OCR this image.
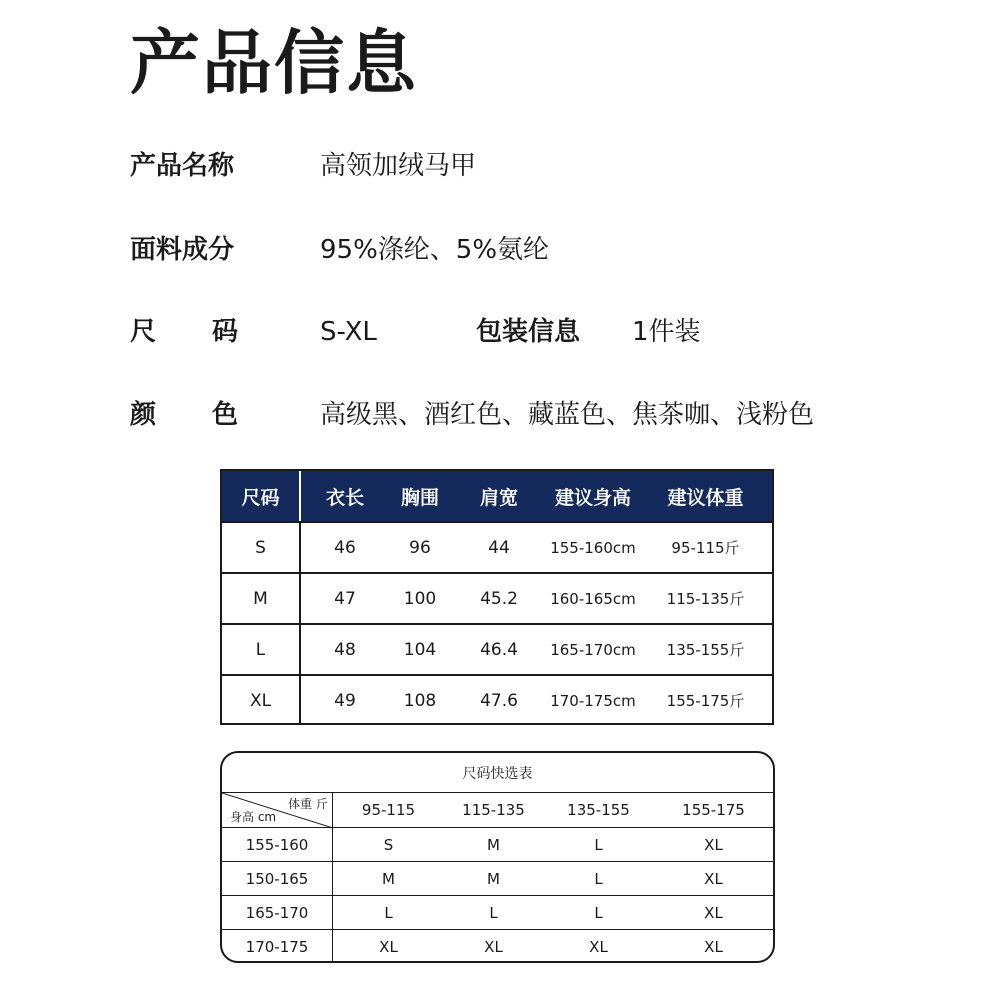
产品信息
产品名称	高领加绒马甲
面料成分	95%涤纶、5%氨纶
尺 码	S-XL	包装信息 1件装
颜 色	高级黑、酒红色、藏蓝色、焦茶咖、浅粉色
尺码	衣长	胸围	肩宽	建议身高	建议体重
S	46	96	44	155-160cm	95-115斤
M	47	100	45.2	160-165cm	115-135斤
L	48	104	46.4	165-170cm	135-155斤
XL	49	108	47.6	170-175cm	155-175斤
尺码快选表
体重 斤
身高 cm	95-115	115-135	135-155	155-175
155-160	S	M	L	XL
150-165	M	M	L	XL
165-170	L	L	L	XL
170-175	XL	XL	XL	XL
